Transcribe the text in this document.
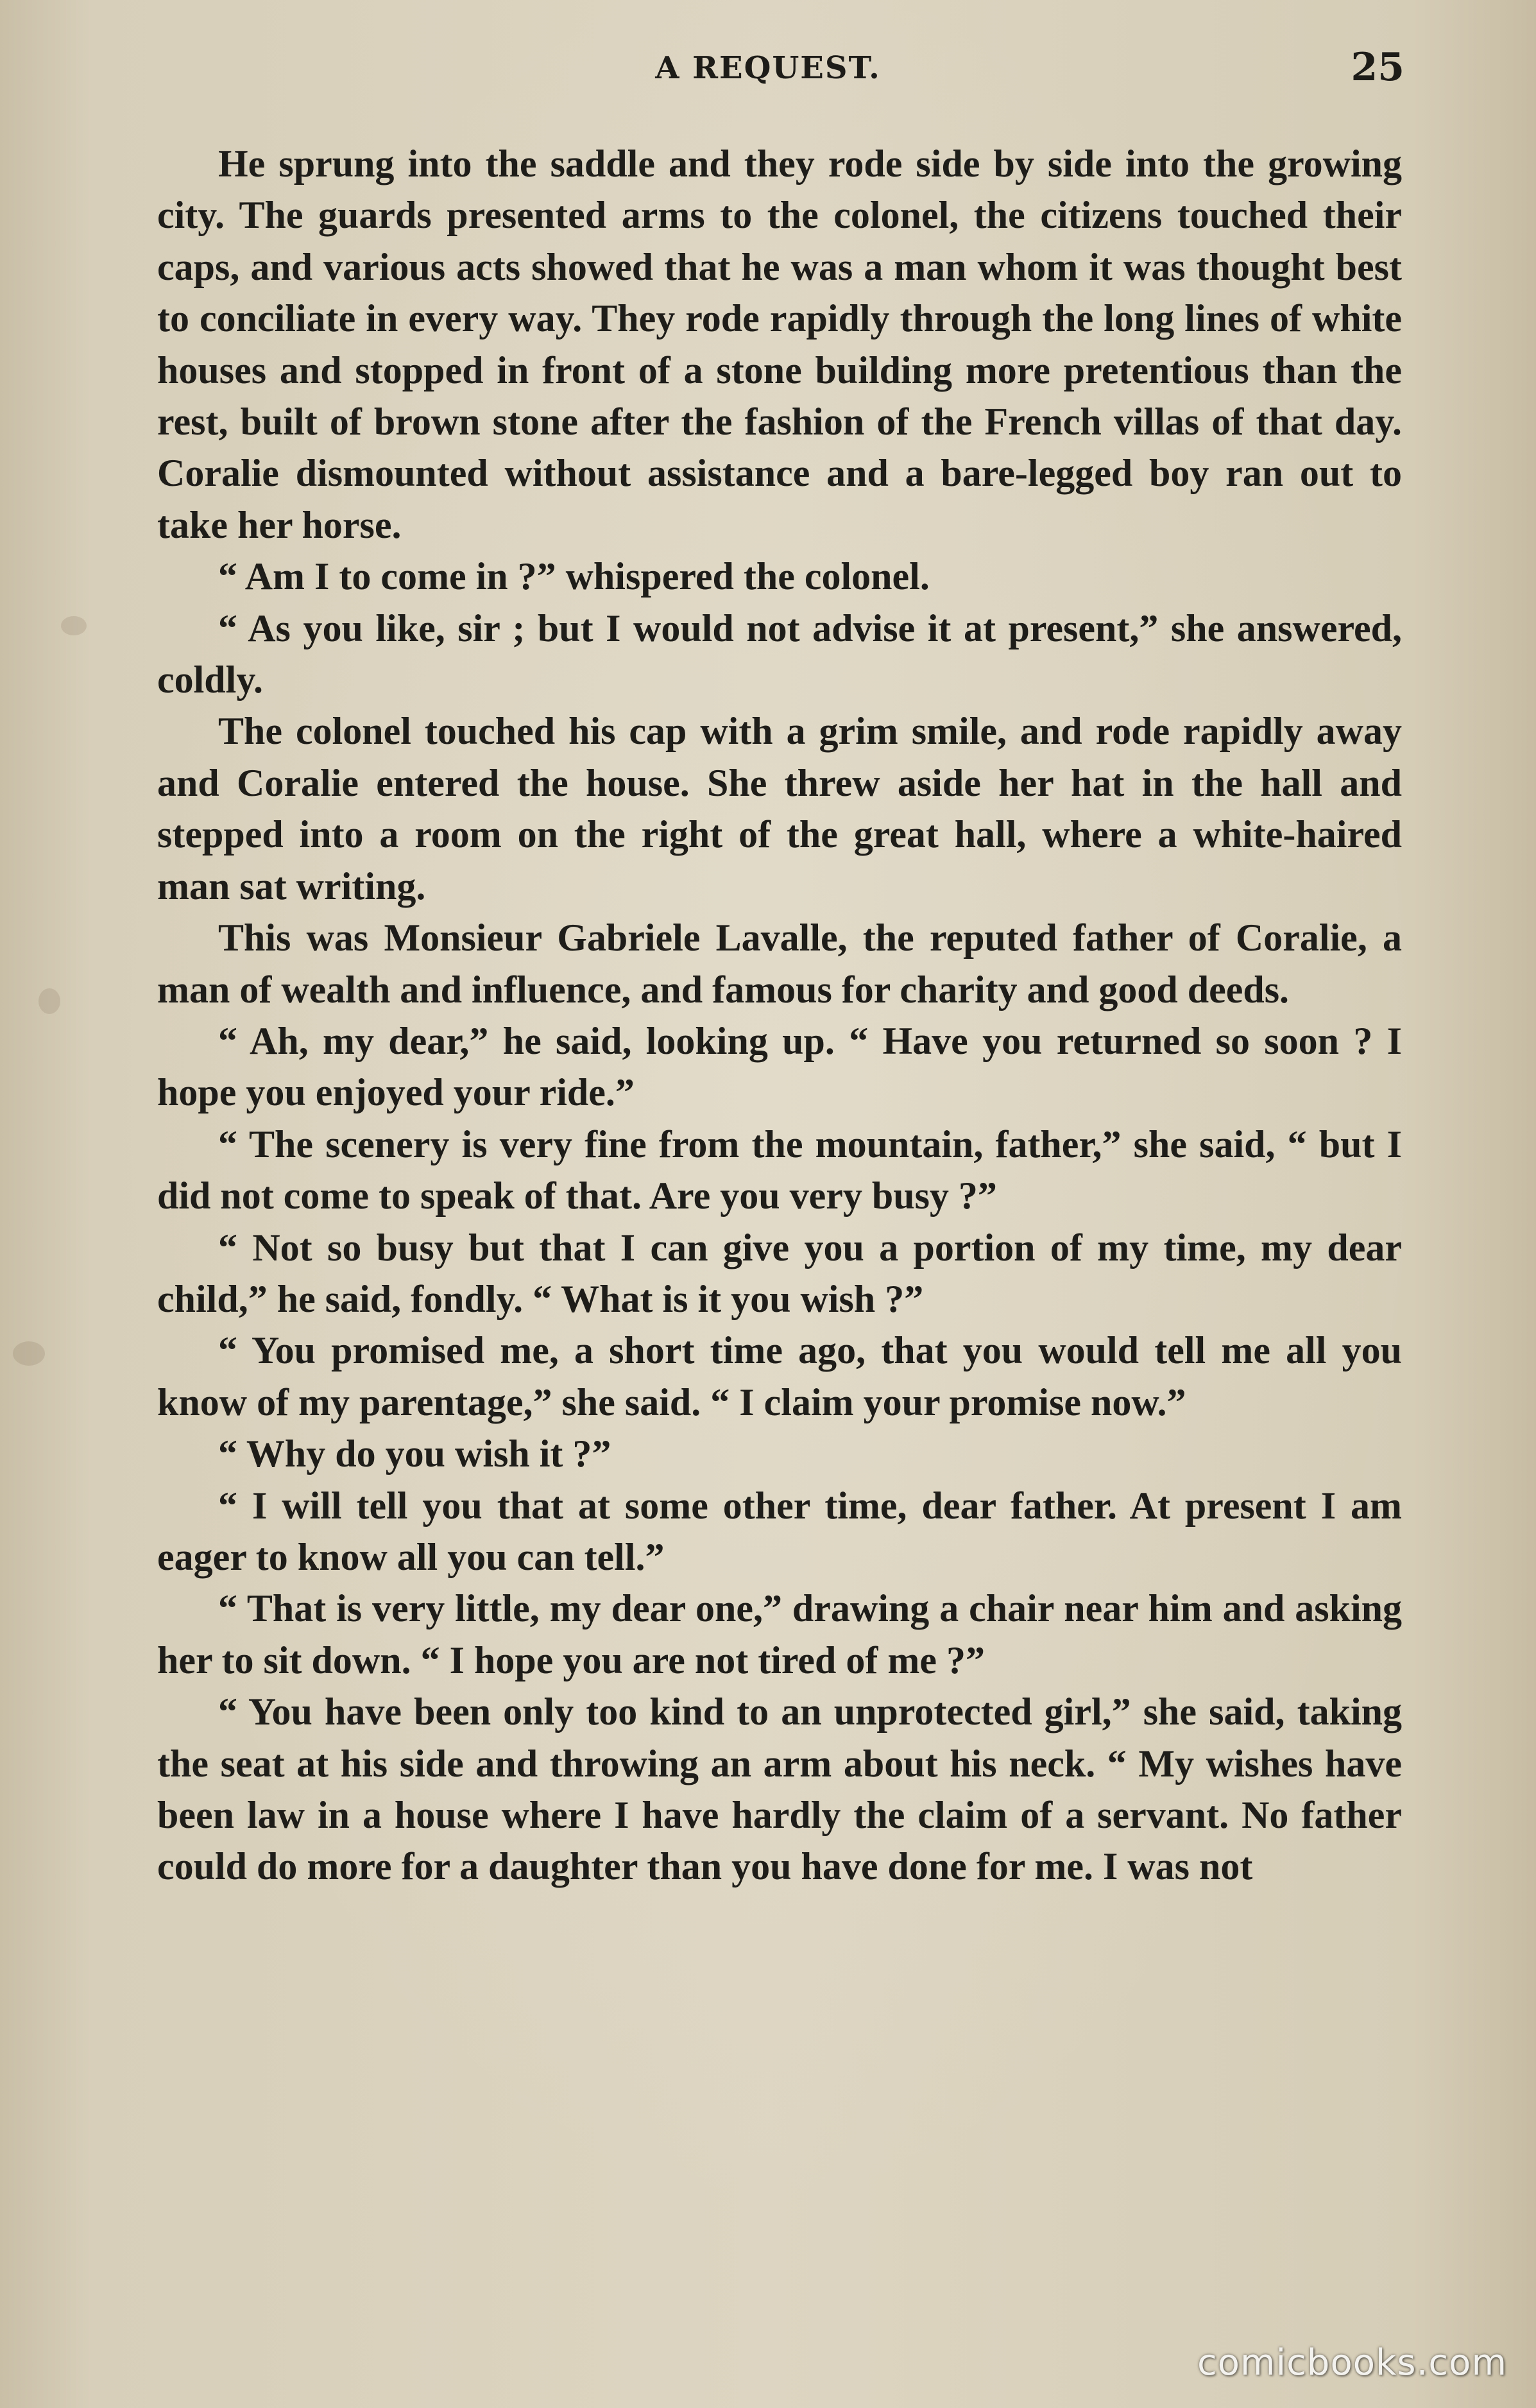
A REQUEST.	25

He sprung into the saddle and they rode side by side into the growing city. The guards presented arms to the colonel, the citizens touched their caps, and various acts showed that he was a man whom it was thought best to conciliate in every way. They rode rapidly through the long lines of white houses and stopped in front of a stone building more pretentious than the rest, built of brown stone after the fashion of the French villas of that day. Coralie dismounted without assistance and a bare-legged boy ran out to take her horse.

“ Am I to come in ?” whispered the colonel.

“ As you like, sir ; but I would not advise it at present,” she answered, coldly.

The colonel touched his cap with a grim smile, and rode rapidly away and Coralie entered the house. She threw aside her hat in the hall and stepped into a room on the right of the great hall, where a white-haired man sat writing.

This was Monsieur Gabriele Lavalle, the reputed father of Coralie, a man of wealth and influence, and famous for charity and good deeds.

“ Ah, my dear,” he said, looking up. “ Have you returned so soon ? I hope you enjoyed your ride.”

“ The scenery is very fine from the mountain, father,” she said, “ but I did not come to speak of that. Are you very busy ?”

“ Not so busy but that I can give you a portion of my time, my dear child,” he said, fondly. “ What is it you wish ?”

“ You promised me, a short time ago, that you would tell me all you know of my parentage,” she said. “ I claim your promise now.”

“ Why do you wish it ?”

“ I will tell you that at some other time, dear father. At present I am eager to know all you can tell.”

“ That is very little, my dear one,” drawing a chair near him and asking her to sit down. “ I hope you are not tired of me ?”

“ You have been only too kind to an unprotected girl,” she said, taking the seat at his side and throwing an arm about his neck. “ My wishes have been law in a house where I have hardly the claim of a servant. No father could do more for a daughter than you have done for me. I was not

comicbooks.com
